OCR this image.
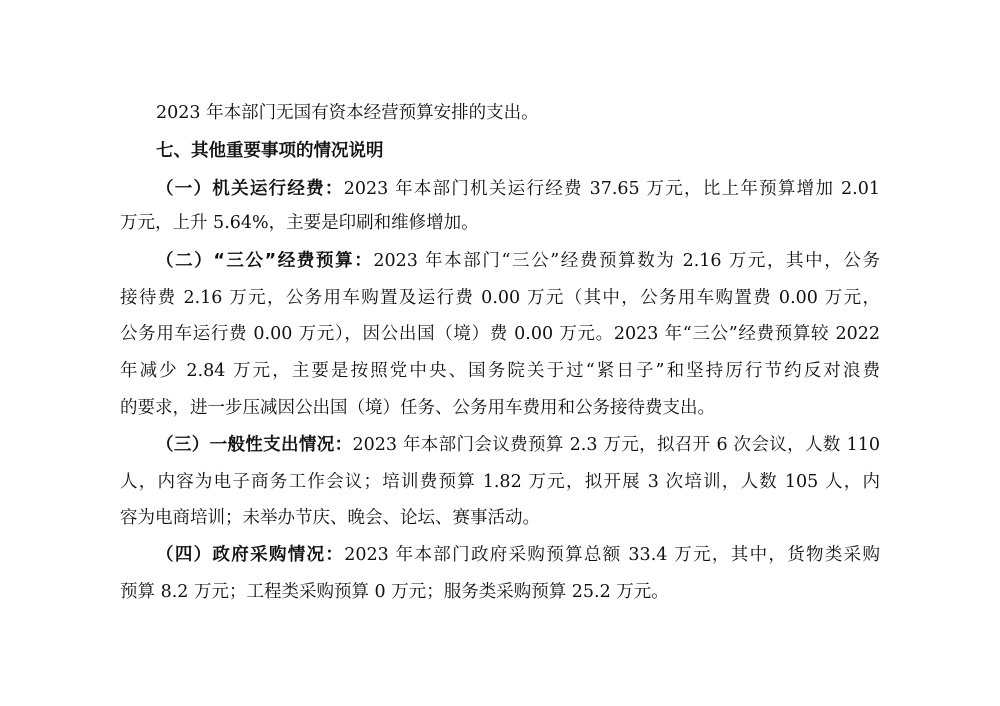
2023 年本部门无国有资本经营预算安排的支出。
七、其他重要事项的情况说明
（一）机关运行经费：2023 年本部门机关运行经费 37.65 万元，比上年预算增加 2.01
万元，上升 5.64%，主要是印刷和维修增加。
（二）“三公”经费预算：2023 年本部门“三公”经费预算数为 2.16 万元，其中，公务
接待费 2.16 万元，公务用车购置及运行费 0.00 万元（其中，公务用车购置费 0.00 万元，
公务用车运行费 0.00 万元），因公出国（境）费 0.00 万元。2023 年“三公”经费预算较 2022
年减少 2.84 万元，主要是按照党中央、国务院关于过“紧日子”和坚持厉行节约反对浪费
的要求，进一步压减因公出国（境）任务、公务用车费用和公务接待费支出。
（三）一般性支出情况：2023 年本部门会议费预算 2.3 万元，拟召开 6 次会议，人数 110
人，内容为电子商务工作会议；培训费预算 1.82 万元，拟开展 3 次培训，人数 105 人，内
容为电商培训；未举办节庆、晚会、论坛、赛事活动。
（四）政府采购情况：2023 年本部门政府采购预算总额 33.4 万元，其中，货物类采购
预算 8.2 万元；工程类采购预算 0 万元；服务类采购预算 25.2 万元。
